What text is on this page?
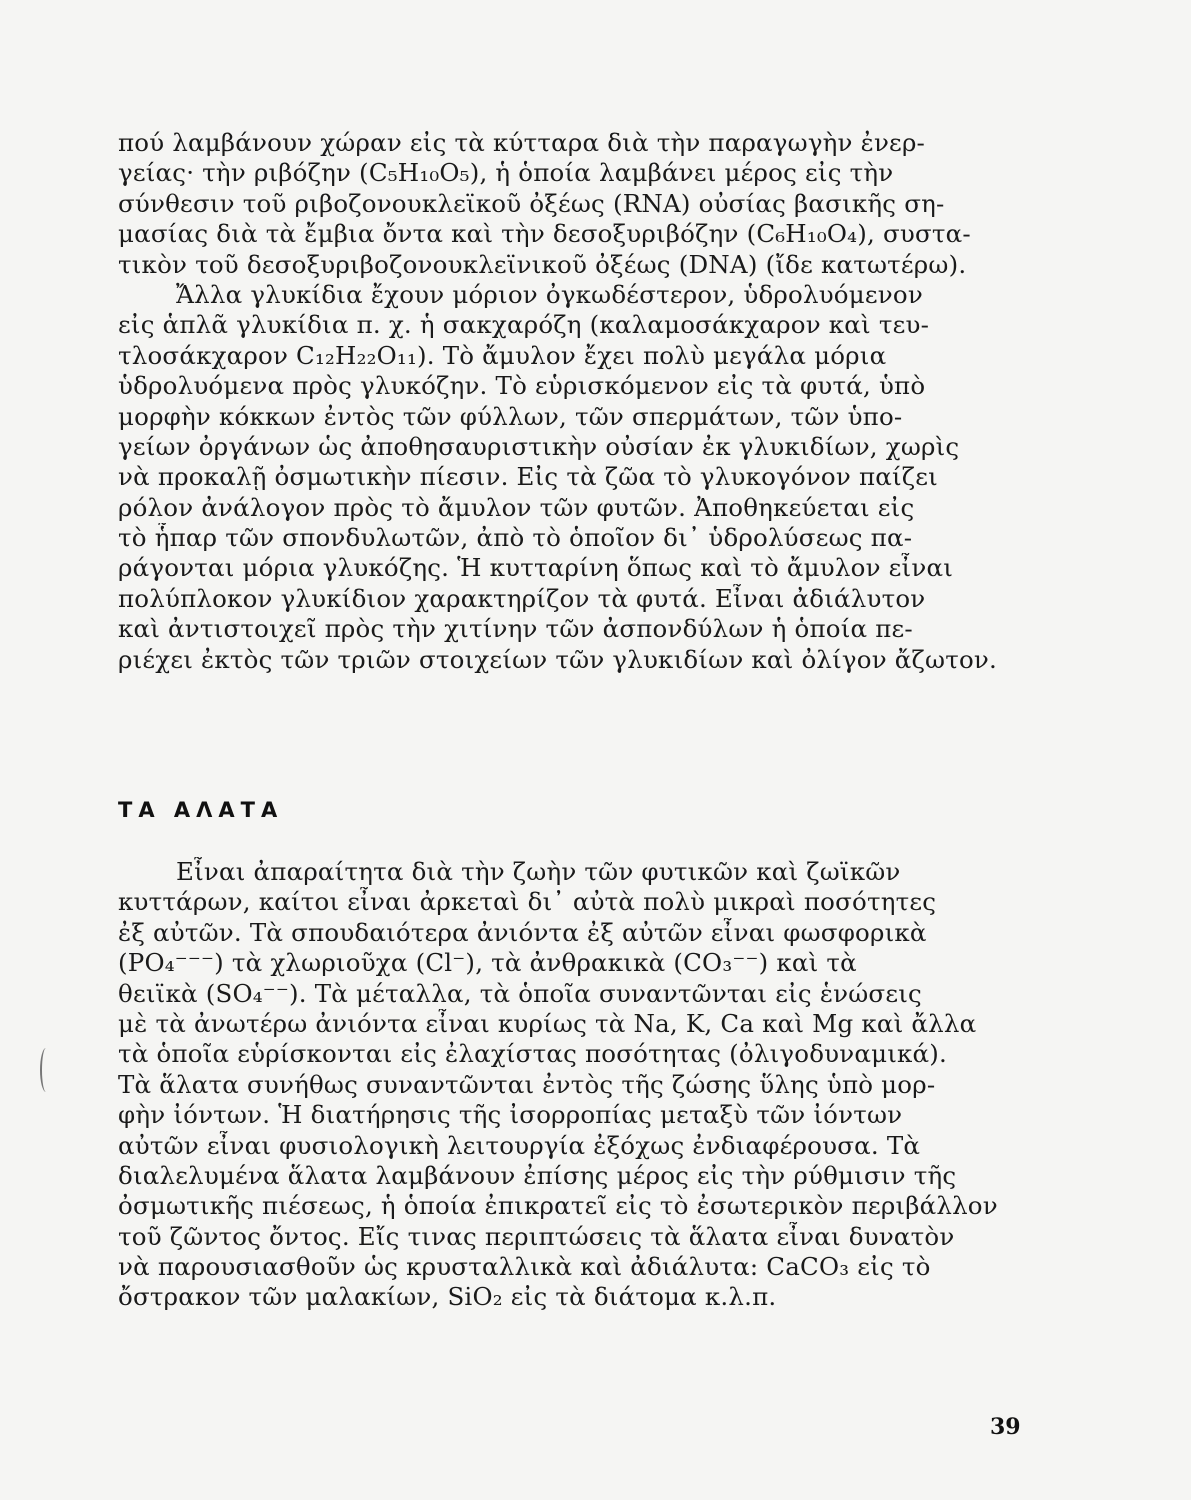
πού λαμβάνουν χώραν εἰς τὰ κύτταρα διὰ τὴν παραγωγὴν ἐνερ-
γείας· τὴν ριβόζην (C₅H₁₀O₅), ἡ ὁποία λαμβάνει μέρος εἰς τὴν
σύνθεσιν τοῦ ριβοζονουκλεϊκοῦ ὀξέως (RNA) οὐσίας βασικῆς ση-
μασίας διὰ τὰ ἔμβια ὄντα καὶ τὴν δεσοξυριβόζην (C₆H₁₀O₄), συστα-
τικὸν τοῦ δεσοξυριβοζονουκλεϊνικοῦ ὀξέως (DNA) (ἴδε κατωτέρω).
Ἄλλα γλυκίδια ἔχουν μόριον ὀγκωδέστερον, ὑδρολυόμενον
εἰς ἁπλᾶ γλυκίδια π. χ. ἡ σακχαρόζη (καλαμοσάκχαρον καὶ τευ-
τλοσάκχαρον C₁₂H₂₂O₁₁). Τὸ ἄμυλον ἔχει πολὺ μεγάλα μόρια
ὑδρολυόμενα πρὸς γλυκόζην. Τὸ εὑρισκόμενον εἰς τὰ φυτά, ὑπὸ
μορφὴν κόκκων ἐντὸς τῶν φύλλων, τῶν σπερμάτων, τῶν ὑπο-
γείων ὀργάνων ὡς ἀποθησαυριστικὴν οὐσίαν ἐκ γλυκιδίων, χωρὶς
νὰ προκαλῇ ὀσμωτικὴν πίεσιν. Εἰς τὰ ζῶα τὸ γλυκογόνον παίζει
ρόλον ἀνάλογον πρὸς τὸ ἄμυλον τῶν φυτῶν. Ἀποθηκεύεται εἰς
τὸ ἧπαρ τῶν σπονδυλωτῶν, ἀπὸ τὸ ὁποῖον δι᾽ ὑδρολύσεως πα-
ράγονται μόρια γλυκόζης. Ἡ κυτταρίνη ὅπως καὶ τὸ ἄμυλον εἶναι
πολύπλοκον γλυκίδιον χαρακτηρίζον τὰ φυτά. Εἶναι ἀδιάλυτον
καὶ ἀντιστοιχεῖ πρὸς τὴν χιτίνην τῶν ἀσπονδύλων ἡ ὁποία πε-
ριέχει ἐκτὸς τῶν τριῶν στοιχείων τῶν γλυκιδίων καὶ ὀλίγον ἄζωτον.
ΤΑ ΑΛΑΤΑ
Εἶναι ἀπαραίτητα διὰ τὴν ζωὴν τῶν φυτικῶν καὶ ζωϊκῶν
κυττάρων, καίτοι εἶναι ἀρκεταὶ δι᾽ αὐτὰ πολὺ μικραὶ ποσότητες
ἐξ αὐτῶν. Τὰ σπουδαιότερα ἀνιόντα ἐξ αὐτῶν εἶναι φωσφορικὰ
(PO₄⁻⁻⁻) τὰ χλωριοῦχα (Cl⁻), τὰ ἀνθρακικὰ (CO₃⁻⁻) καὶ τὰ
θειϊκὰ (SO₄⁻⁻). Τὰ μέταλλα, τὰ ὁποῖα συναντῶνται εἰς ἑνώσεις
μὲ τὰ ἀνωτέρω ἀνιόντα εἶναι κυρίως τὰ Na, K, Ca καὶ Mg καὶ ἄλλα
τὰ ὁποῖα εὑρίσκονται εἰς ἐλαχίστας ποσότητας (ὀλιγοδυναμικά).
Τὰ ἅλατα συνήθως συναντῶνται ἐντὸς τῆς ζώσης ὕλης ὑπὸ μορ-
φὴν ἰόντων. Ἡ διατήρησις τῆς ἰσορροπίας μεταξὺ τῶν ἰόντων
αὐτῶν εἶναι φυσιολογικὴ λειτουργία ἐξόχως ἐνδιαφέρουσα. Τὰ
διαλελυμένα ἅλατα λαμβάνουν ἐπίσης μέρος εἰς τὴν ρύθμισιν τῆς
ὀσμωτικῆς πιέσεως, ἡ ὁποία ἐπικρατεῖ εἰς τὸ ἐσωτερικὸν περιβάλλον
τοῦ ζῶντος ὄντος. Εἴς τινας περιπτώσεις τὰ ἅλατα εἶναι δυνατὸν
νὰ παρουσιασθοῦν ὡς κρυσταλλικὰ καὶ ἀδιάλυτα: CaCO₃ εἰς τὸ
ὄστρακον τῶν μαλακίων, SiO₂ εἰς τὰ διάτομα κ.λ.π.
39
